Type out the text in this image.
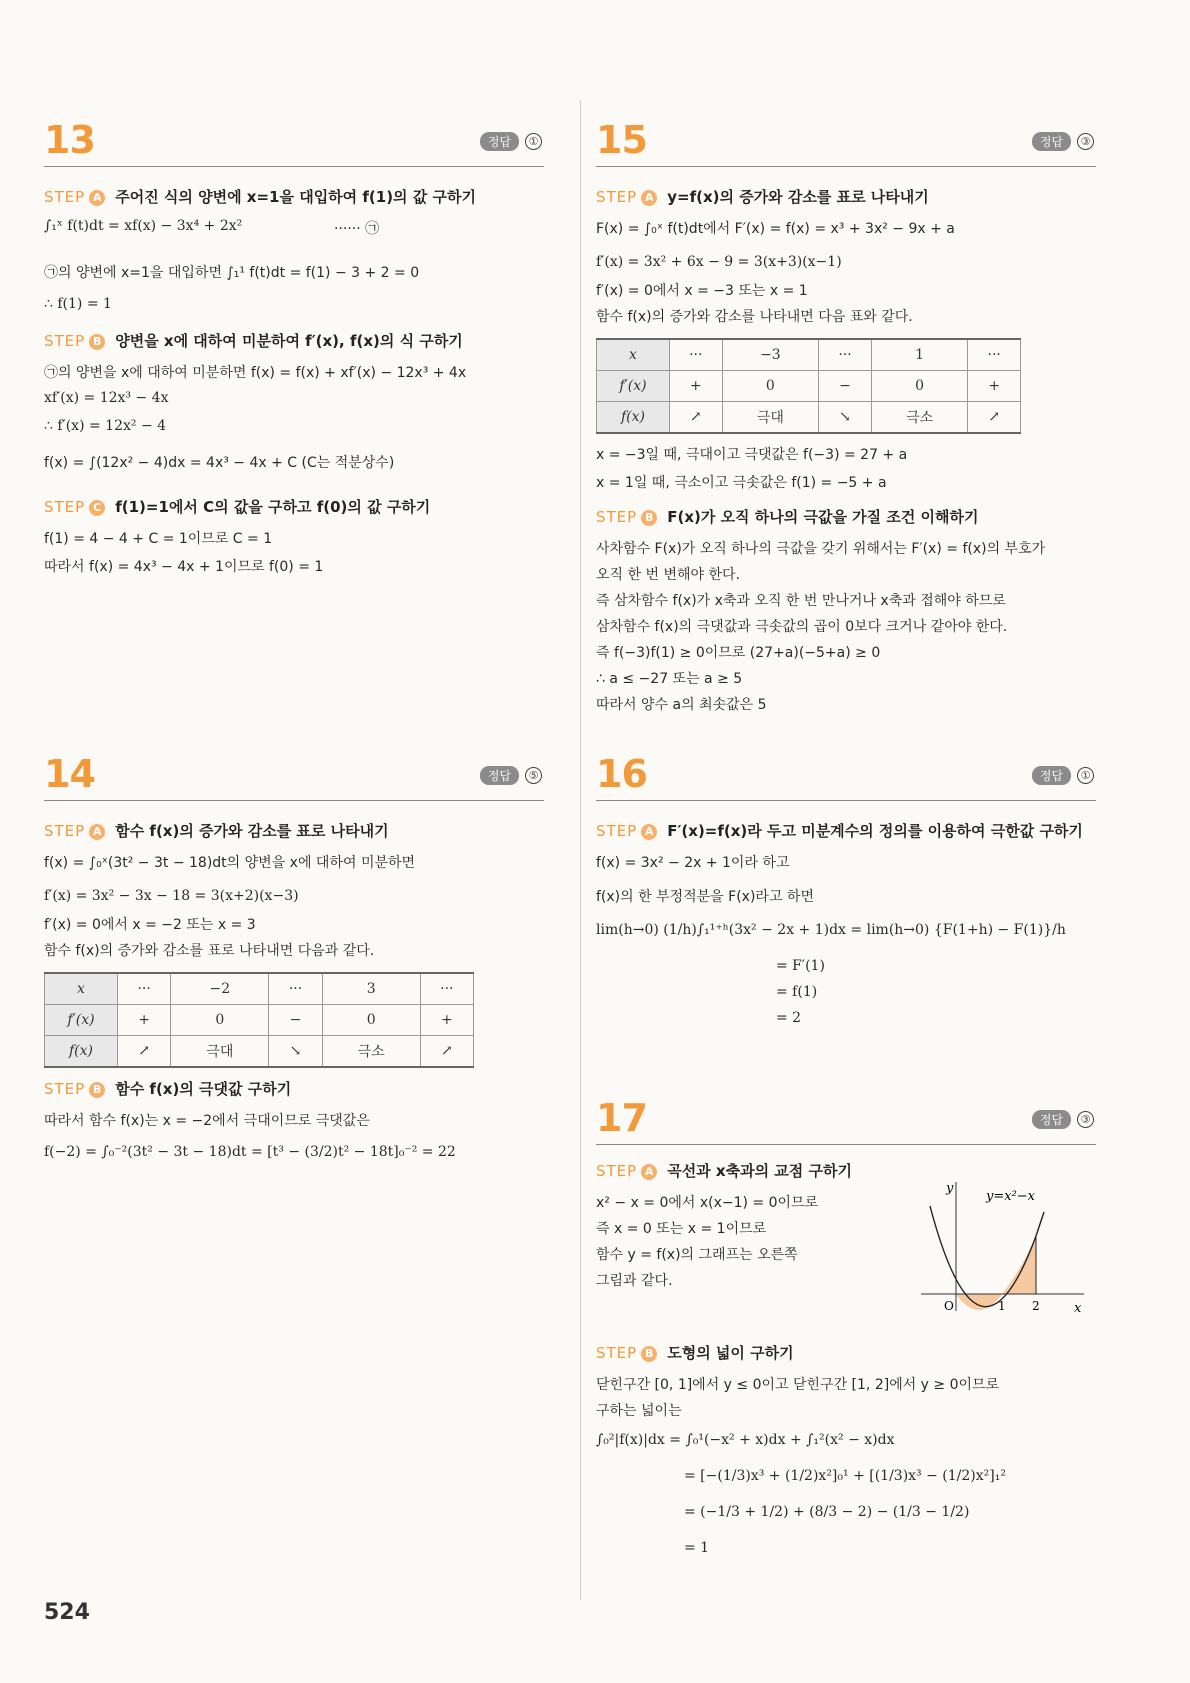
13	정답	①
STEP A 주어진 식의 양변에 x=1을 대입하여 f(1)의 값 구하기
∫₁ˣ f(t)dt = xf(x) − 3x⁴ + 2x²	······ ㉠
㉠의 양변에 x=1을 대입하면 ∫₁¹ f(t)dt = f(1) − 3 + 2 = 0
∴ f(1) = 1
STEP B 양변을 x에 대하여 미분하여 f′(x), f(x)의 식 구하기
㉠의 양변을 x에 대하여 미분하면 f(x) = f(x) + xf′(x) − 12x³ + 4x
xf′(x) = 12x³ − 4x
∴ f′(x) = 12x² − 4
f(x) = ∫(12x² − 4)dx = 4x³ − 4x + C (C는 적분상수)
STEP C f(1)=1에서 C의 값을 구하고 f(0)의 값 구하기
f(1) = 4 − 4 + C = 1이므로 C = 1
따라서 f(x) = 4x³ − 4x + 1이므로 f(0) = 1
14	정답	⑤
STEP A 함수 f(x)의 증가와 감소를 표로 나타내기
f(x) = ∫₀ˣ(3t² − 3t − 18)dt의 양변을 x에 대하여 미분하면
f′(x) = 3x² − 3x − 18 = 3(x+2)(x−3)
f′(x) = 0에서 x = −2 또는 x = 3
함수 f(x)의 증가와 감소를 표로 나타내면 다음과 같다.
x	···	−2	···	3	···
f′(x)	+	0	−	0	+
f(x)	↗	극대	↘	극소	↗
STEP B 함수 f(x)의 극댓값 구하기
따라서 함수 f(x)는 x = −2에서 극대이므로 극댓값은
f(−2) = ∫₀⁻²(3t² − 3t − 18)dt = [t³ − (3/2)t² − 18t]₀⁻² = 22
15	정답	③
STEP A y=f(x)의 증가와 감소를 표로 나타내기
F(x) = ∫₀ˣ f(t)dt에서 F′(x) = f(x) = x³ + 3x² − 9x + a
f′(x) = 3x² + 6x − 9 = 3(x+3)(x−1)
f′(x) = 0에서 x = −3 또는 x = 1
함수 f(x)의 증가와 감소를 나타내면 다음 표와 같다.
x	···	−3	···	1	···
f′(x)	+	0	−	0	+
f(x)	↗	극대	↘	극소	↗
x = −3일 때, 극대이고 극댓값은 f(−3) = 27 + a
x = 1일 때, 극소이고 극솟값은 f(1) = −5 + a
STEP B F(x)가 오직 하나의 극값을 가질 조건 이해하기
사차함수 F(x)가 오직 하나의 극값을 갖기 위해서는 F′(x) = f(x)의 부호가
오직 한 번 변해야 한다.
즉 삼차함수 f(x)가 x축과 오직 한 번 만나거나 x축과 접해야 하므로
삼차함수 f(x)의 극댓값과 극솟값의 곱이 0보다 크거나 같아야 한다.
즉 f(−3)f(1) ≥ 0이므로 (27+a)(−5+a) ≥ 0
∴ a ≤ −27 또는 a ≥ 5
따라서 양수 a의 최솟값은 5
16	정답	①
STEP A F′(x)=f(x)라 두고 미분계수의 정의를 이용하여 극한값 구하기
f(x) = 3x² − 2x + 1이라 하고
f(x)의 한 부정적분을 F(x)라고 하면
lim(h→0) (1/h)∫₁¹⁺ʰ(3x² − 2x + 1)dx = lim(h→0) {F(1+h) − F(1)}/h
= F′(1)
= f(1)
= 2
17	정답	③
STEP A 곡선과 x축과의 교점 구하기
x² − x = 0에서 x(x−1) = 0이므로
즉 x = 0 또는 x = 1이므로
함수 y = f(x)의 그래프는 오른쪽
그림과 같다.
y
x
y=x²−x
O	1 2
STEP B 도형의 넓이 구하기
닫힌구간 [0, 1]에서 y ≤ 0이고 닫힌구간 [1, 2]에서 y ≥ 0이므로
구하는 넓이는
∫₀²|f(x)|dx = ∫₀¹(−x² + x)dx + ∫₁²(x² − x)dx
= [−(1/3)x³ + (1/2)x²]₀¹ + [(1/3)x³ − (1/2)x²]₁²
= (−1/3 + 1/2) + (8/3 − 2) − (1/3 − 1/2)
= 1
524
